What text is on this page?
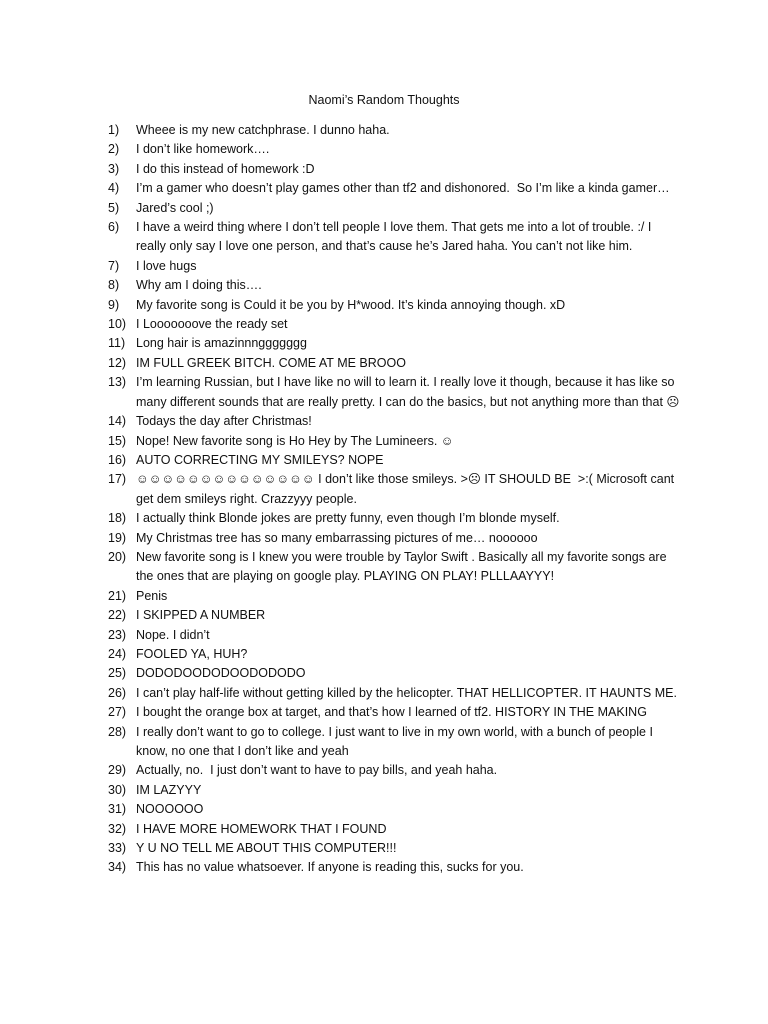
Naomi’s Random Thoughts
1)	Wheee is my new catchphrase. I dunno haha.
2)	I don’t like homework….
3)	I do this instead of homework :D
4)	I’m a gamer who doesn’t play games other than tf2 and dishonored.  So I’m like a kinda gamer…
5)	Jared’s cool ;)
6)	I have a weird thing where I don’t tell people I love them. That gets me into a lot of trouble. :/ I really only say I love one person, and that’s cause he’s Jared haha. You can’t not like him.
7)	I love hugs
8)	Why am I doing this….
9)	My favorite song is Could it be you by H*wood. It’s kinda annoying though. xD
10) I Looooooove the ready set
11) Long hair is amazinnnggggggg
12) IM FULL GREEK BITCH. COME AT ME BROOO
13) I’m learning Russian, but I have like no will to learn it. I really love it though, because it has like so many different sounds that are really pretty. I can do the basics, but not anything more than that ☹
14) Todays the day after Christmas!
15) Nope! New favorite song is Ho Hey by The Lumineers. ☺
16) AUTO CORRECTING MY SMILEYS? NOPE
17) ☺☺☺☺☺☺☺☺☺☺☺☺☺☺ I don’t like those smileys. >☹ IT SHOULD BE  >:( Microsoft cant get dem smileys right. Crazzyyy people.
18) I actually think Blonde jokes are pretty funny, even though I’m blonde myself.
19) My Christmas tree has so many embarrassing pictures of me… noooooo
20) New favorite song is I knew you were trouble by Taylor Swift . Basically all my favorite songs are the ones that are playing on google play. PLAYING ON PLAY! PLLLAAYYY!
21) Penis
22) I SKIPPED A NUMBER
23) Nope. I didn’t
24) FOOLED YA, HUH?
25) DODODOODODOODODODO
26) I can’t play half-life without getting killed by the helicopter. THAT HELLICOPTER. IT HAUNTS ME.
27) I bought the orange box at target, and that’s how I learned of tf2. HISTORY IN THE MAKING
28) I really don’t want to go to college. I just want to live in my own world, with a bunch of people I know, no one that I don’t like and yeah
29) Actually, no.  I just don’t want to have to pay bills, and yeah haha.
30) IM LAZYYY
31) NOOOOOO
32) I HAVE MORE HOMEWORK THAT I FOUND
33) Y U NO TELL ME ABOUT THIS COMPUTER!!!
34) This has no value whatsoever. If anyone is reading this, sucks for you.
